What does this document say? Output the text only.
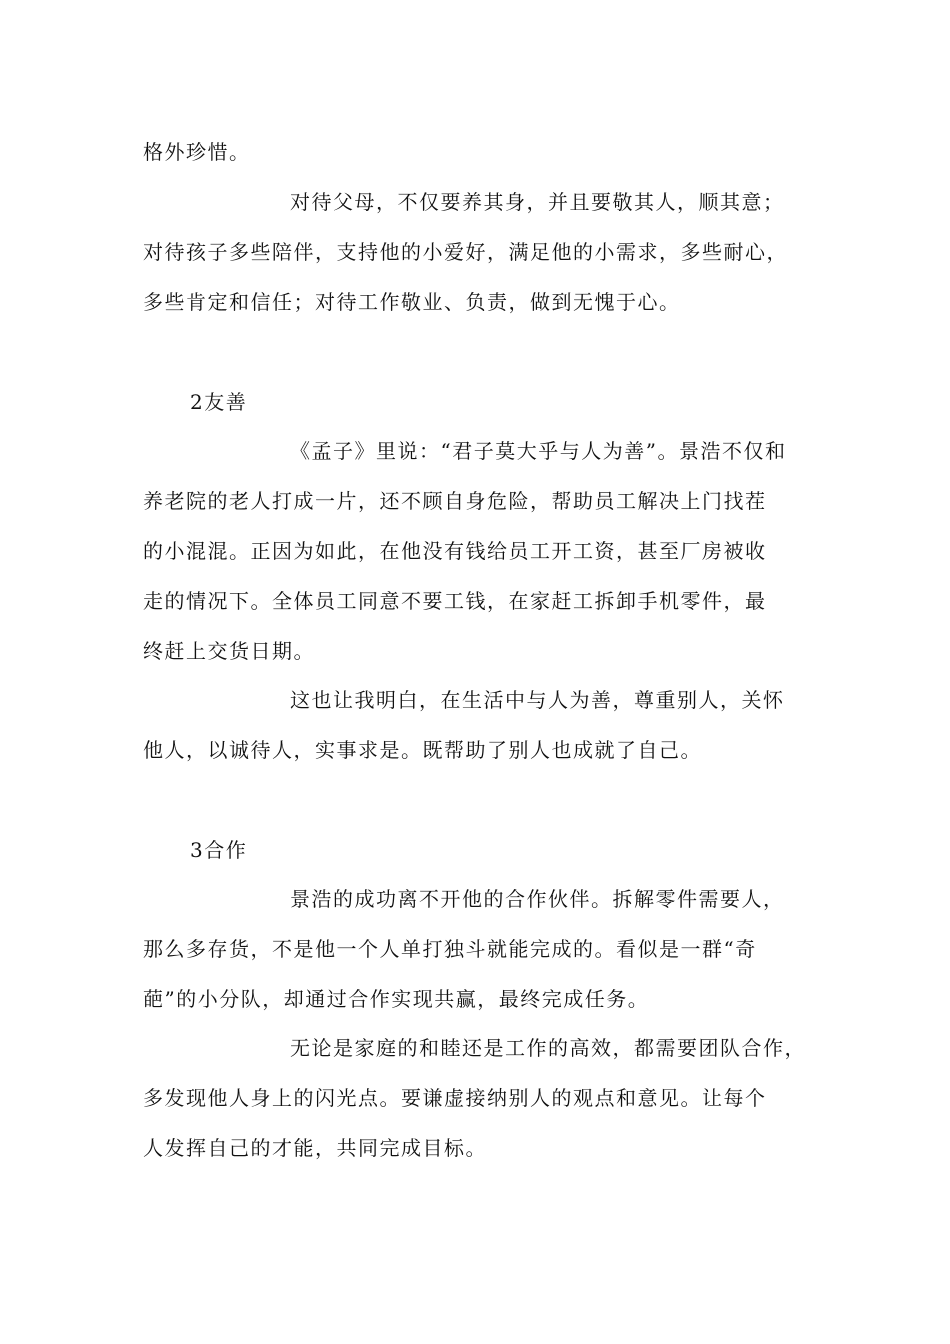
格外珍惜。
对待父母，不仅要养其身，并且要敬其人，顺其意；
对待孩子多些陪伴，支持他的小爱好，满足他的小需求，多些耐心，
多些肯定和信任；对待工作敬业、负责，做到无愧于心。
2友善
《孟子》里说：“君子莫大乎与人为善”。景浩不仅和
养老院的老人打成一片，还不顾自身危险，帮助员工解决上门找茬
的小混混。正因为如此，在他没有钱给员工开工资，甚至厂房被收
走的情况下。全体员工同意不要工钱，在家赶工拆卸手机零件，最
终赶上交货日期。
这也让我明白，在生活中与人为善，尊重别人，关怀
他人，以诚待人，实事求是。既帮助了别人也成就了自己。
3合作
景浩的成功离不开他的合作伙伴。拆解零件需要人，
那么多存货，不是他一个人单打独斗就能完成的。看似是一群“奇
葩”的小分队，却通过合作实现共赢，最终完成任务。
无论是家庭的和睦还是工作的高效，都需要团队合作，
多发现他人身上的闪光点。要谦虚接纳别人的观点和意见。让每个
人发挥自己的才能，共同完成目标。
